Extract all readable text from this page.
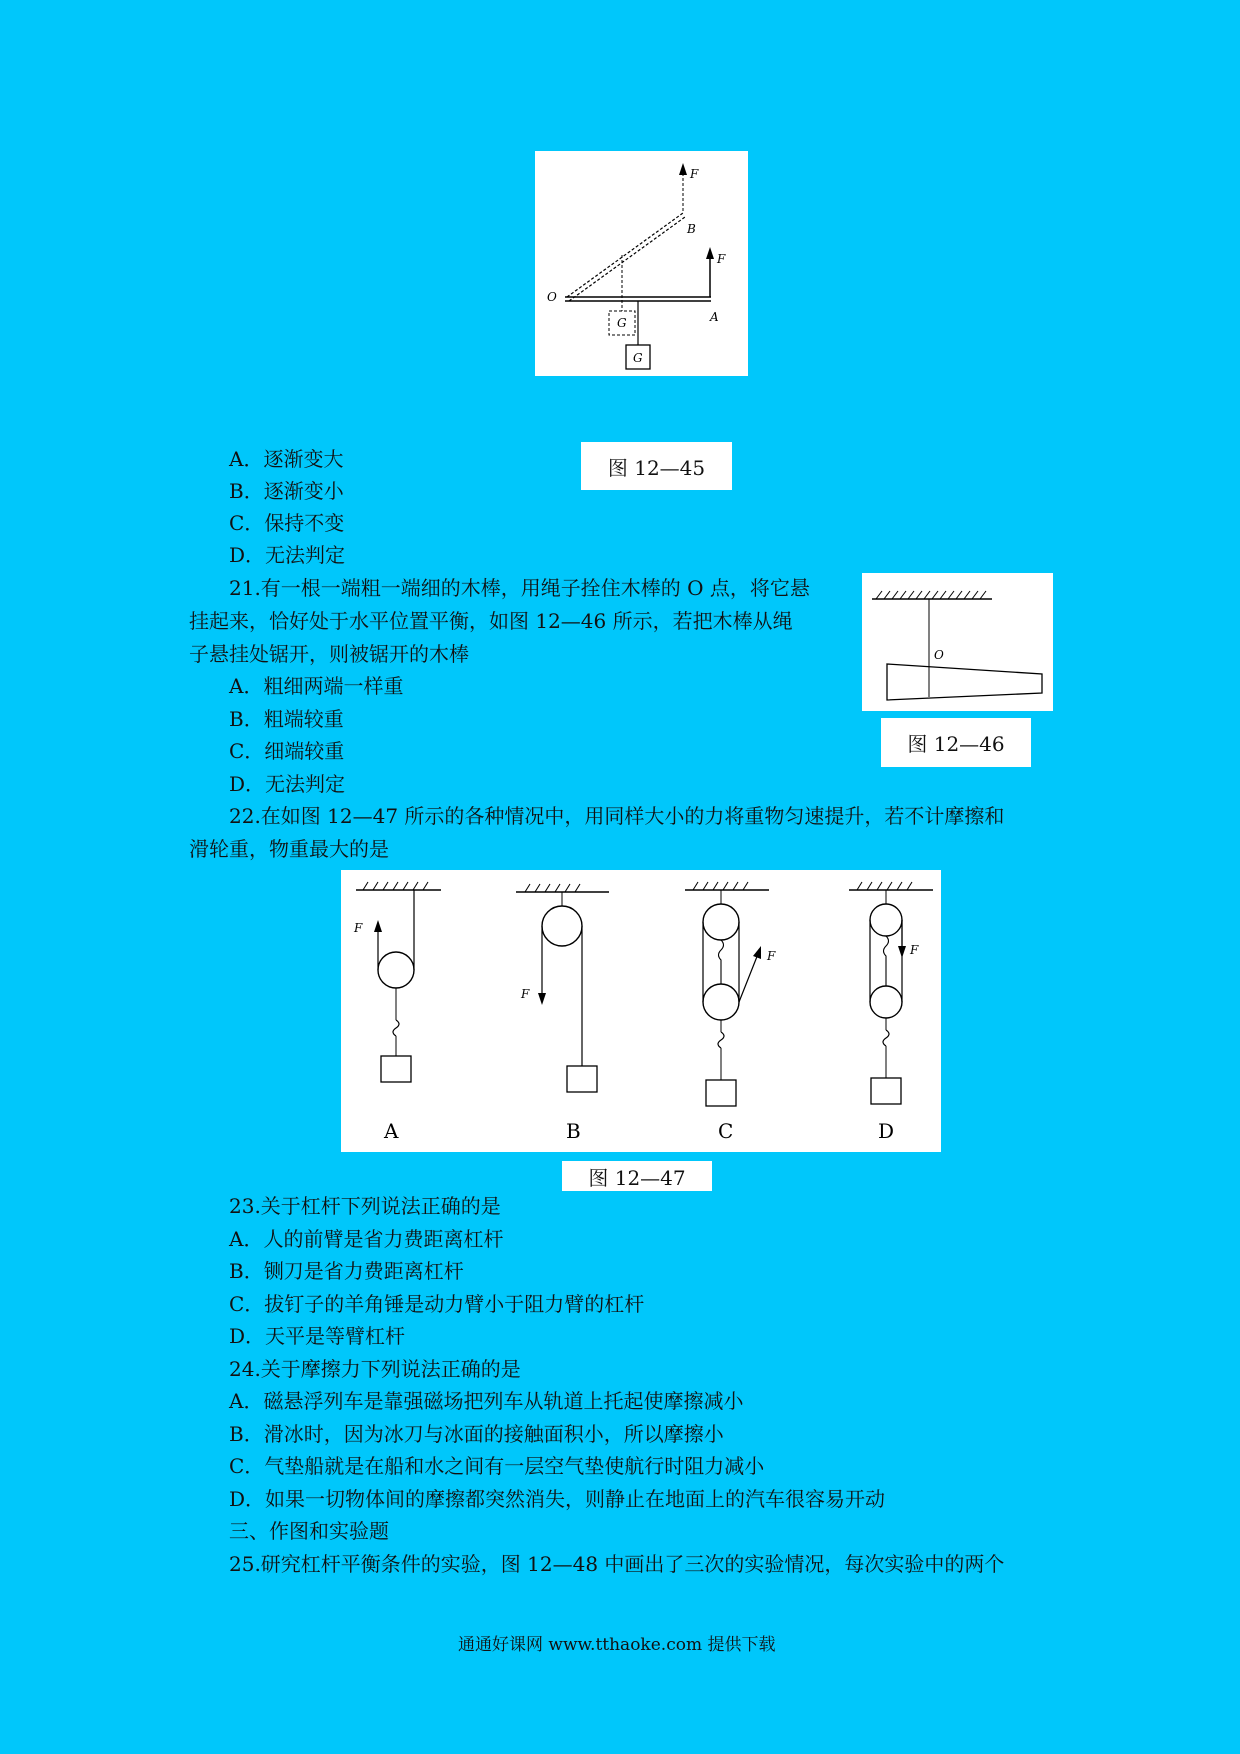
O
A
B
F
F
G
G
图 12—45
A．逐渐变大
B．逐渐变小
C．保持不变
D．无法判定
21.有一根一端粗一端细的木棒，用绳子拴住木棒的 O 点，将它悬
挂起来，恰好处于水平位置平衡，如图 12—46 所示，若把木棒从绳
子悬挂处锯开，则被锯开的木棒
A．粗细两端一样重
B．粗端较重
C．细端较重
D．无法判定
O
图 12—46
22.在如图 12—47 所示的各种情况中，用同样大小的力将重物匀速提升，若不计摩擦和
滑轮重，物重最大的是
F
A
F
B
F
C
F
D
图 12—47
23.关于杠杆下列说法正确的是
A．人的前臂是省力费距离杠杆
B．铡刀是省力费距离杠杆
C．拔钉子的羊角锤是动力臂小于阻力臂的杠杆
D．天平是等臂杠杆
24.关于摩擦力下列说法正确的是
A．磁悬浮列车是靠强磁场把列车从轨道上托起使摩擦减小
B．滑冰时，因为冰刀与冰面的接触面积小，所以摩擦小
C．气垫船就是在船和水之间有一层空气垫使航行时阻力减小
D．如果一切物体间的摩擦都突然消失，则静止在地面上的汽车很容易开动
三、作图和实验题
25.研究杠杆平衡条件的实验，图 12—48 中画出了三次的实验情况，每次实验中的两个
通通好课网 www.tthaoke.com 提供下载
